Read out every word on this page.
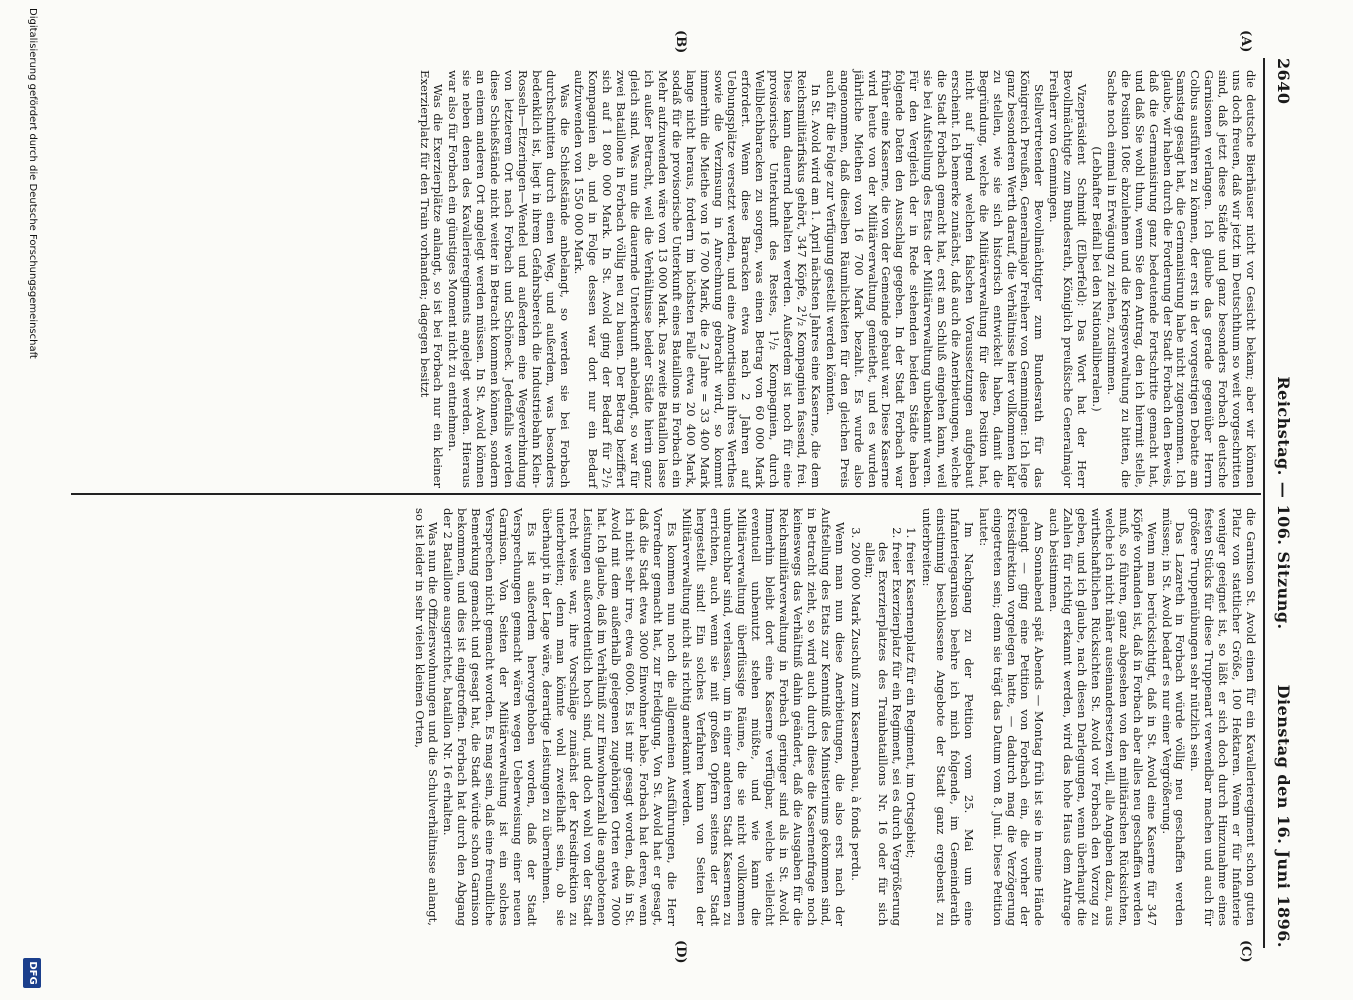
2640
Reichstag. — 106. Sitzung.
Dienstag den 16. Juni 1896.
(A)
(B)
(C)
(D)

die deutsche Bierhäuser nicht vor Gesicht bekam; aber wir können uns doch freuen, daß wir jetzt im Deutschthum so weit vorgeschritten sind, daß jetzt diese Städte und ganz besonders Forbach deutsche Garnisonen verlangen. Ich glaube das gerade gegenüber Herrn Colbus ausführen zu können, der erst in der vorgestrigen Debatte am Samstag gesagt hat, die Germanisirung habe nicht zugenommen. Ich glaube, wir haben durch die Forderung der Stadt Forbach den Beweis, daß die Germanisirung ganz bedeutende Fortschritte gemacht hat, und daß Sie wohl thun, wenn Sie den Antrag, den ich hiermit stelle, die Position 108c abzulehnen und die Kriegsverwaltung zu bitten, die Sache noch einmal in Erwägung zu ziehen, zustimmen.

(Lebhafter Beifall bei den Nationalliberalen.)

Vizepräsident Schmidt (Elberfeld): Das Wort hat der Herr Bevollmächtigte zum Bundesrath, Königlich preußische Generalmajor Freiherr von Gemmingen.

Stellvertretender Bevollmächtigter zum Bundesrath für das Königreich Preußen, Generalmajor Freiherr von Gemmingen: Ich lege ganz besonderen Werth darauf, die Verhältnisse hier vollkommen klar zu stellen, wie sie sich historisch entwickelt haben, damit die Begründung, welche die Militärverwaltung für diese Position hat, nicht auf irgend welchen falschen Voraussetzungen aufgebaut erscheint. Ich bemerke zunächst, daß auch die Anerbietungen, welche die Stadt Forbach gemacht hat, erst am Schluß eingehen kann, weil sie bei Aufstellung des Etats der Militärverwaltung unbekannt waren. Für den Vergleich der in Rede stehenden beiden Städte haben folgende Daten den Ausschlag gegeben. In der Stadt Forbach war früher eine Kaserne, die von der Gemeinde gebaut war. Diese Kaserne wird heute von der Militärverwaltung gemiethet, und es wurden jährliche Miethen von 16 700 Mark bezahlt. Es wurde also angenommen, daß dieselben Räumlichkeiten für den gleichen Preis auch für die Folge zur Verfügung gestellt werden könnten.

In St. Avold wird am 1. April nächsten Jahres eine Kaserne, die dem Reichsmilitärfiskus gehört, 347 Köpfe, 2¹/₂ Kompagnien fassend, frei. Diese kann dauernd behalten werden. Außerdem ist noch für eine provisorische Unterkunft des Restes, 1¹/₂ Kompagnien, durch Wellblechbaracken zu sorgen, was einen Betrag von 60 000 Mark erfordert. Wenn diese Baracken etwa nach 2 Jahren auf Uebungsplätze versetzt werden, und eine Amortisation ihres Werthes sowie die Verzinsung in Anrechnung gebracht wird, so kommt immerhin die Miethe von 16 700 Mark, die 2 Jahre = 33 400 Mark lange nicht heraus, fordern im höchsten Falle etwa 20 400 Mark, sodaß für die provisorische Unterkunft eines Bataillons in Forbach ein Mehr aufzuwenden wäre von 13 000 Mark. Das zweite Bataillon lasse ich außer Betracht, weil die Verhältnisse beider Städte hierin ganz gleich sind. Was nun die dauernde Unterkunft anbelangt, so war für zwei Bataillone in Forbach völlig neu zu bauen. Der Betrag beziffert sich auf 1 800 000 Mark. In St. Avold ging der Bedarf für 2¹/₂ Kompagnien ab, und in Folge dessen war dort nur ein Bedarf aufzuwenden von 1 550 000 Mark.

Was die Schießstände anbelangt, so werden sie bei Forbach durchschnitten durch einen Weg, und außerdem, was besonders bedenklich ist, liegt in ihrem Gefahrsbereich die Industriebahn Klein-Rosseln—Etzeringen—Wendel und außerdem eine Wegeverbindung von letzterem Ort nach Forbach und Schöneck. Jedenfalls werden diese Schießstände nicht weiter in Betracht kommen können, sondern an einem anderen Ort angelegt werden müssen. In St. Avold können sie neben denen des Kavallerieregiments angelegt werden. Hieraus war also für Forbach ein günstiges Moment nicht zu entnehmen.

Was die Exerzierplätze anlangt, so ist bei Forbach nur ein kleiner Exerzierplatz für den Train vorhanden; dagegen besitzt

die Garnison St. Avold einen für ein Kavallerieregiment schon guten Platz von stattlicher Größe, 100 Hektaren. Wenn er für Infanterie weniger geeignet ist, so läßt er sich doch durch Hinzunahme eines festen Stücks für diese Truppenart verwendbar machen und auch für größere Truppenübungen sehr nützlich sein.

Das Lazareth in Forbach würde völlig neu geschaffen werden müssen; in St. Avold bedarf es nur einer Vergrößerung.

Wenn man berücksichtigt, daß in St. Avold eine Kaserne für 347 Köpfe vorhanden ist, daß in Forbach aber alles neu geschaffen werden muß, so führen, ganz abgesehen von den militärischen Rücksichten, welche ich nicht näher auseinandersetzen will, alle Angaben dazu, aus wirthschaftlichen Rücksichten St. Avold vor Forbach den Vorzug zu geben, und ich glaube, nach diesen Darlegungen, wenn überhaupt die Zahlen für richtig erkannt werden, wird das hohe Haus dem Antrage auch beistimmen.

Am Sonnabend spät Abends — Montag früh ist sie in meine Hände gelangt — ging eine Petition von Forbach ein, die vorher der Kreisdirektion vorgelegen hatte, — dadurch mag die Verzögerung eingetreten sein; denn sie trägt das Datum vom 8. Juni. Diese Petition lautet:

Im Nachgang zu der Petition vom 25. Mai um eine Infanteriegarnison beehre ich mich folgende, im Gemeinderath einstimmig beschlossene Angebote der Stadt ganz ergebenst zu unterbreiten:

1. freier Kasernenplatz für ein Regiment, im Ortsgebiet;
2. freier Exerzierplatz für ein Regiment, sei es durch Vergrößerung des Exerzierplatzes des Trainbataillons Nr. 16 oder für sich allein;
3. 200 000 Mark Zuschuß zum Kasernenbau, à fonds perdu.

Wenn man nun diese Anerbietungen, die also erst nach der Aufstellung des Etats zur Kenntniß des Ministeriums gekommen sind, in Betracht zieht, so wird auch durch diese die Kasernenfrage noch keineswegs das Verhältniß dahin geändert, daß die Ausgaben für die Reichsmilitärverwaltung in Forbach geringer sind als in St. Avold. Immerhin bleibt dort eine Kaserne verfügbar, welche vielleicht eventuell unbenutzt stehen müßte, und wie kann die Militärverwaltung überflüssige Räume, die sie nicht vollkommen unbrauchbar sind, verlassen, um in einer anderen Stadt Kasernen zu errichten, auch wenn sie mit großen Opfern seitens der Stadt hergestellt sind! Ein solches Verfahren kann von Seiten der Militärverwaltung nicht als richtig anerkannt werden.

Es kommen nun noch die allgemeinen Ausführungen, die Herr Vorredner gemacht hat, zur Erledigung. Von St. Avold hat er gesagt, daß die Stadt etwa 3000 Einwohner habe. Forbach hat deren, wenn ich nicht sehr irre, etwa 6000. Es ist mir gesagt worden, daß in St. Avold mit dem außerhalb gelegenen zugehörigen Orten etwa 7000 hat. Ich glaube, daß im Verhältniß zur Einwohnerzahl die angebotenen Leistungen außerordentlich hoch sind, und doch wohl von der Stadt recht weise war, ihre Vorschläge zunächst der Kreisdirektion zu unterbreiten; denn man könnte wohl zweifelhaft sein, ob sie überhaupt in der Lage wäre, derartige Leistungen zu übernehmen.

Es ist außerdem hervorgehoben worden, daß der Stadt Versprechungen gemacht wären wegen Ueberweisung einer neuen Garnison. Von Seiten der Militärverwaltung ist ein solches Versprechen nicht gemacht worden. Es mag sein, daß eine freundliche Bemerkung gemacht und gesagt hat, die Stadt würde schon Garnison bekommen, und dies ist eingetroffen. Forbach hat durch den Abgang der 2 Bataillone ausgerichtet, bataillon Nr. 16 erhalten.

Was nun die Offizierswohnungen und die Schulverhältnisse anlangt, so ist leider in sehr vielen kleinen Orten,

Digitalisierung gefördert durch die Deutsche Forschungsgemeinschaft
DFG
